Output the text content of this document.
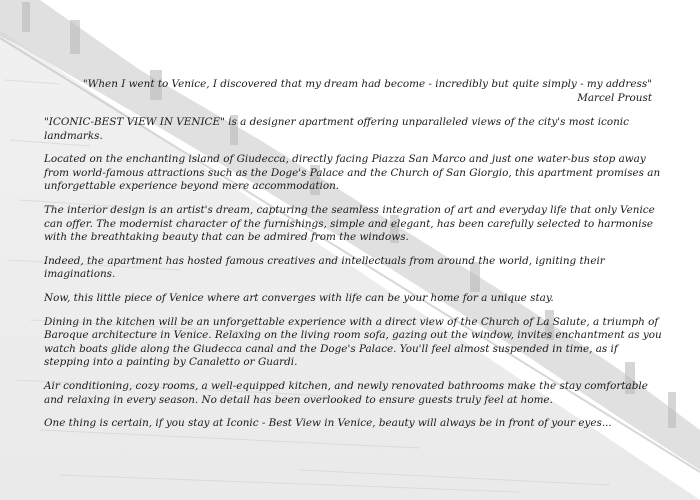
"When I went to Venice, I discovered that my dream had become - incredibly but quite simply - my address"
Marcel Proust

"ICONIC-BEST VIEW IN VENICE" is a designer apartment offering unparalleled views of the city's most iconic landmarks.

Located on the enchanting island of Giudecca, directly facing Piazza San Marco and just one water-bus stop away from world-famous attractions such as the Doge's Palace and the Church of San Giorgio, this apartment promises an unforgettable experience beyond mere accommodation.

The interior design is an artist's dream, capturing the seamless integration of art and everyday life that only Venice can offer. The modernist character of the furnishings, simple and elegant, has been carefully selected to harmonise with the breathtaking beauty that can be admired from the windows.

Indeed, the apartment has hosted famous creatives and intellectuals from around the world, igniting their imaginations.

Now, this little piece of Venice where art converges with life can be your home for a unique stay.

Dining in the kitchen will be an unforgettable experience with a direct view of the Church of La Salute, a triumph of Baroque architecture in Venice. Relaxing on the living room sofa, gazing out the window, invites enchantment as you watch boats glide along the Giudecca canal and the Doge's Palace. You'll feel almost suspended in time, as if stepping into a painting by Canaletto or Guardi.

Air conditioning, cozy rooms, a well-equipped kitchen, and newly renovated bathrooms make the stay comfortable and relaxing in every season. No detail has been overlooked to ensure guests truly feel at home.

One thing is certain, if you stay at Iconic - Best View in Venice, beauty will always be in front of your eyes...
